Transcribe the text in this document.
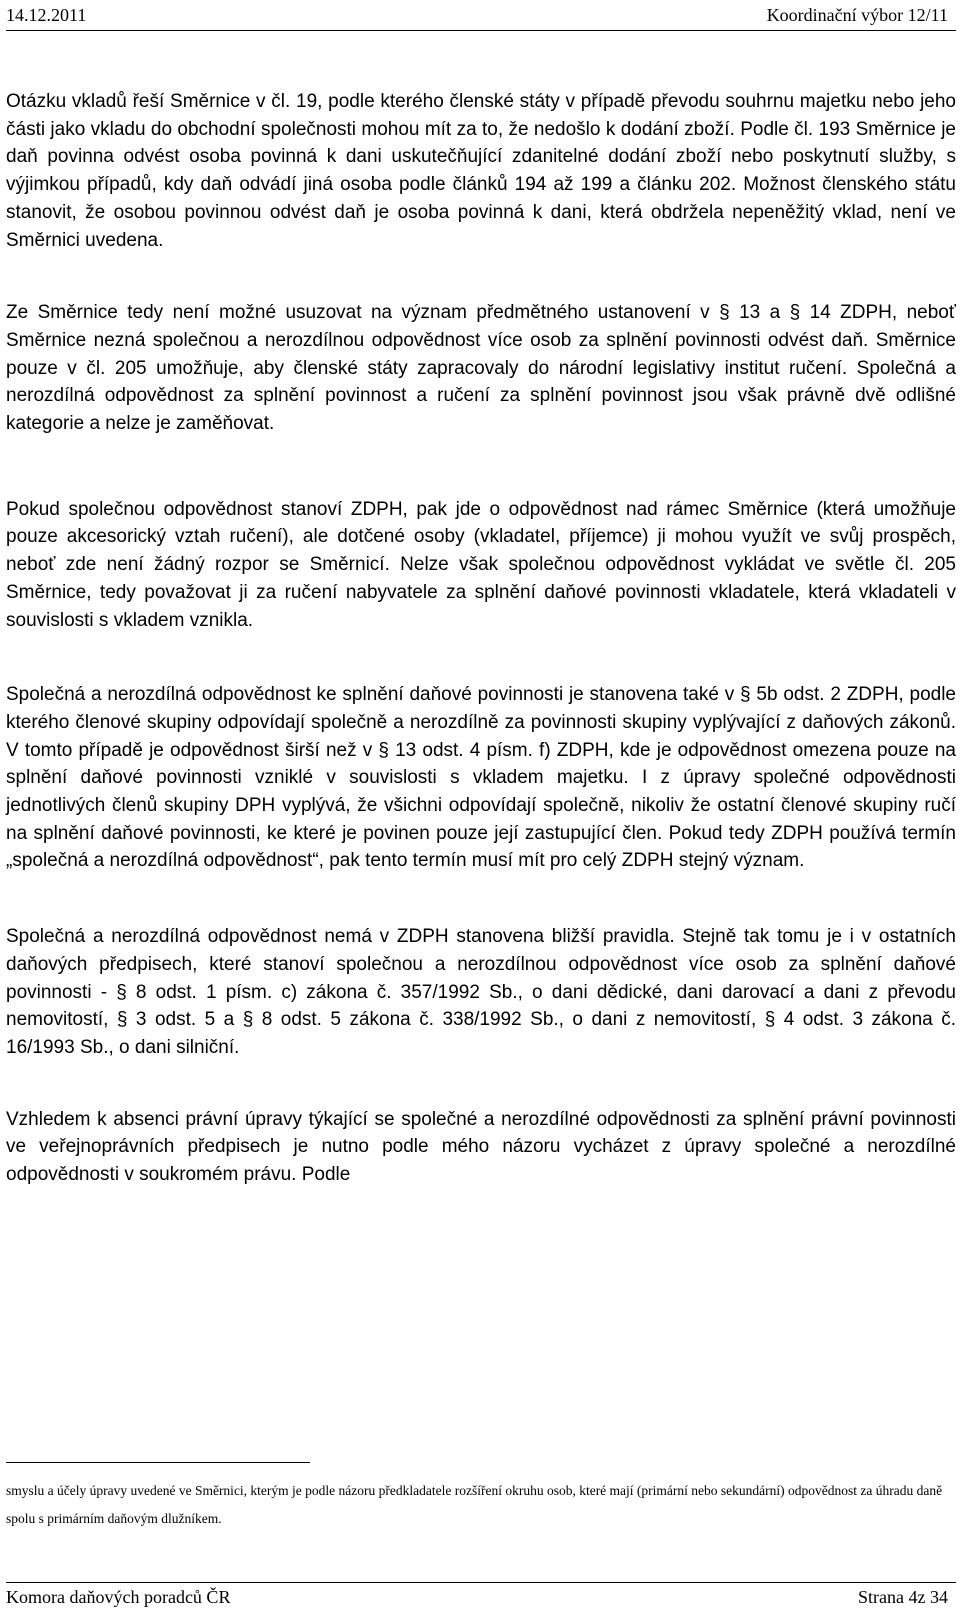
14.12.2011	Koordinační výbor 12/11

Otázku vkladů řeší Směrnice v čl. 19, podle kterého členské státy v případě převodu souhrnu majetku nebo jeho části jako vkladu do obchodní společnosti mohou mít za to, že nedošlo k dodání zboží. Podle čl. 193 Směrnice je daň povinna odvést osoba povinná k dani uskutečňující zdanitelné dodání zboží nebo poskytnutí služby, s výjimkou případů, kdy daň odvádí jiná osoba podle článků 194 až 199 a článku 202. Možnost členského státu stanovit, že osobou povinnou odvést daň je osoba povinná k dani, která obdržela nepeněžitý vklad, není ve Směrnici uvedena.

Ze Směrnice tedy není možné usuzovat na význam předmětného ustanovení v § 13 a § 14 ZDPH, neboť Směrnice nezná společnou a nerozdílnou odpovědnost více osob za splnění povinnosti odvést daň. Směrnice pouze v čl. 205 umožňuje, aby členské státy zapracovaly do národní legislativy institut ručení. Společná a nerozdílná odpovědnost za splnění povinnost a ručení za splnění povinnost jsou však právně dvě odlišné kategorie a nelze je zaměňovat.

Pokud společnou odpovědnost stanoví ZDPH, pak jde o odpovědnost nad rámec Směrnice (která umožňuje pouze akcesorický vztah ručení), ale dotčené osoby (vkladatel, příjemce) ji mohou využít ve svůj prospěch, neboť zde není žádný rozpor se Směrnicí. Nelze však společnou odpovědnost vykládat ve světle čl. 205 Směrnice, tedy považovat ji za ručení nabyvatele za splnění daňové povinnosti vkladatele, která vkladateli v souvislosti s vkladem vznikla.

Společná a nerozdílná odpovědnost ke splnění daňové povinnosti je stanovena také v § 5b odst. 2 ZDPH, podle kterého členové skupiny odpovídají společně a nerozdílně za povinnosti skupiny vyplývající z daňových zákonů. V tomto případě je odpovědnost širší než v § 13 odst. 4 písm. f) ZDPH, kde je odpovědnost omezena pouze na splnění daňové povinnosti vzniklé v souvislosti s vkladem majetku. I z úpravy společné odpovědnosti jednotlivých členů skupiny DPH vyplývá, že všichni odpovídají společně, nikoliv že ostatní členové skupiny ručí na splnění daňové povinnosti, ke které je povinen pouze její zastupující člen. Pokud tedy ZDPH používá termín „společná a nerozdílná odpovědnost“, pak tento termín musí mít pro celý ZDPH stejný význam.

Společná a nerozdílná odpovědnost nemá v ZDPH stanovena bližší pravidla. Stejně tak tomu je i v ostatních daňových předpisech, které stanoví společnou a nerozdílnou odpovědnost více osob za splnění daňové povinnosti - § 8 odst. 1 písm. c) zákona č. 357/1992 Sb., o dani dědické, dani darovací a dani z převodu nemovitostí, § 3 odst. 5 a § 8 odst. 5 zákona č. 338/1992 Sb., o dani z nemovitostí, § 4 odst. 3 zákona č. 16/1993 Sb., o dani silniční.

Vzhledem k absenci právní úpravy týkající se společné a nerozdílné odpovědnosti za splnění právní povinnosti ve veřejnoprávních předpisech je nutno podle mého názoru vycházet z úpravy společné a nerozdílné odpovědnosti v soukromém právu. Podle

smyslu a účely úpravy uvedené ve Směrnici, kterým je podle názoru předkladatele rozšíření okruhu osob, které mají (primární nebo sekundární) odpovědnost za úhradu daně spolu s primárním daňovým dlužníkem.

Komora daňových poradců ČR	Strana 4z 34
